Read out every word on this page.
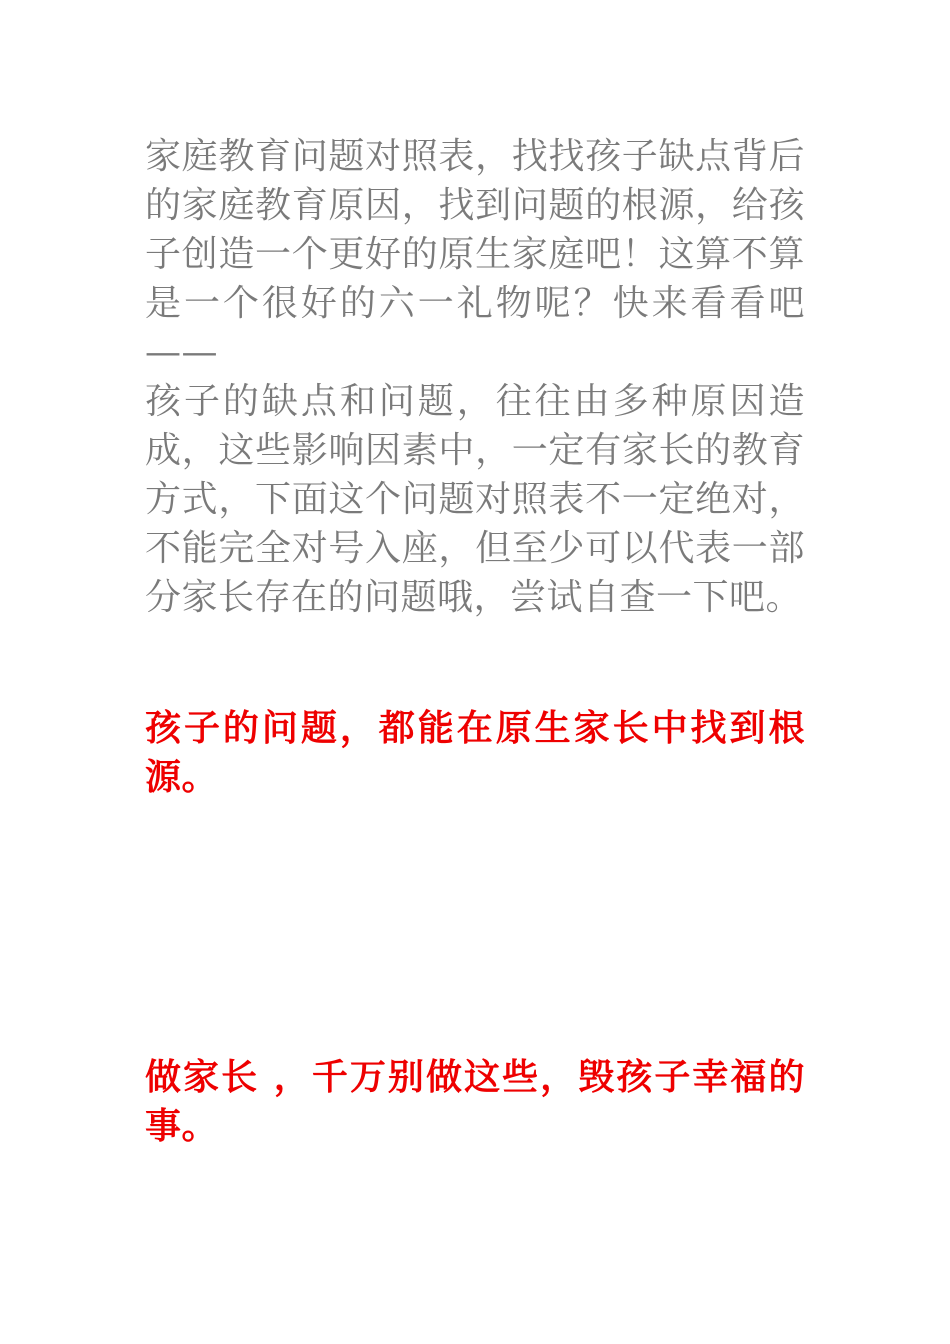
家庭教育问题对照表，找找孩子缺点背后的家庭教育原因，找到问题的根源，给孩子创造一个更好的原生家庭吧！这算不算是一个很好的六一礼物呢？快来看看吧——

孩子的缺点和问题，往往由多种原因造成，这些影响因素中，一定有家长的教育方式，下面这个问题对照表不一定绝对，不能完全对号入座，但至少可以代表一部分家长存在的问题哦，尝试自查一下吧。

孩子的问题，都能在原生家长中找到根源。

做家长 ，千万别做这些，毁孩子幸福的事。
